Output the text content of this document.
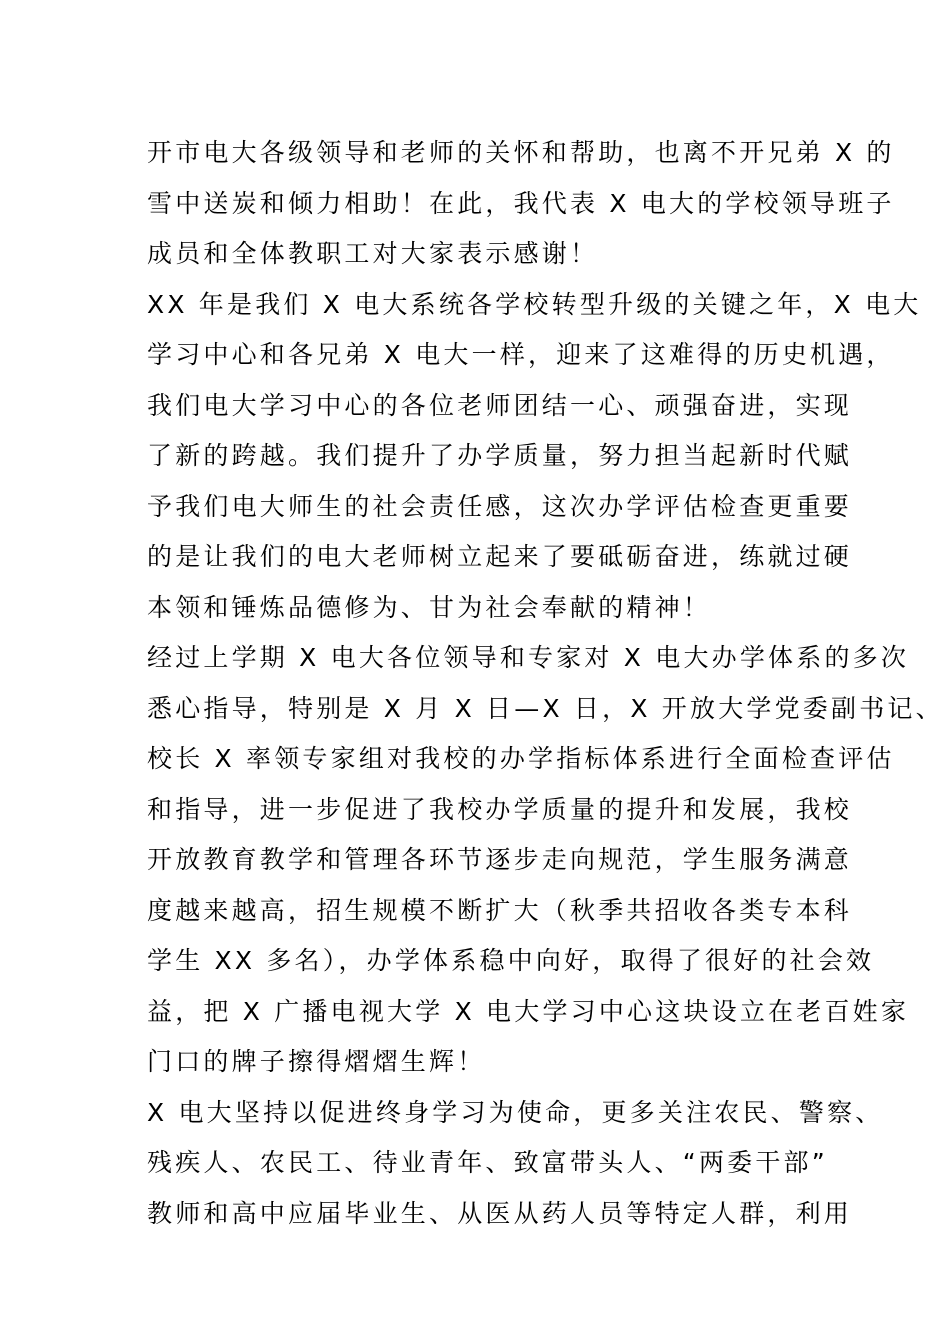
开市电大各级领导和老师的关怀和帮助，也离不开兄弟 X 的
雪中送炭和倾力相助！在此，我代表 X 电大的学校领导班子
成员和全体教职工对大家表示感谢！
XX 年是我们 X 电大系统各学校转型升级的关键之年，X 电大
学习中心和各兄弟 X 电大一样，迎来了这难得的历史机遇，
我们电大学习中心的各位老师团结一心、顽强奋进，实现
了新的跨越。我们提升了办学质量，努力担当起新时代赋
予我们电大师生的社会责任感，这次办学评估检查更重要
的是让我们的电大老师树立起来了要砥砺奋进，练就过硬
本领和锤炼品德修为、甘为社会奉献的精神！
经过上学期 X 电大各位领导和专家对 X 电大办学体系的多次
悉心指导，特别是 X 月 X 日—X 日，X 开放大学党委副书记、
校长 X 率领专家组对我校的办学指标体系进行全面检查评估
和指导，进一步促进了我校办学质量的提升和发展，我校
开放教育教学和管理各环节逐步走向规范，学生服务满意
度越来越高，招生规模不断扩大（秋季共招收各类专本科
学生 XX 多名），办学体系稳中向好，取得了很好的社会效
益，把 X 广播电视大学 X 电大学习中心这块设立在老百姓家
门口的牌子擦得熠熠生辉！
X 电大坚持以促进终身学习为使命，更多关注农民、警察、
残疾人、农民工、待业青年、致富带头人、“两委干部”
教师和高中应届毕业生、从医从药人员等特定人群，利用
